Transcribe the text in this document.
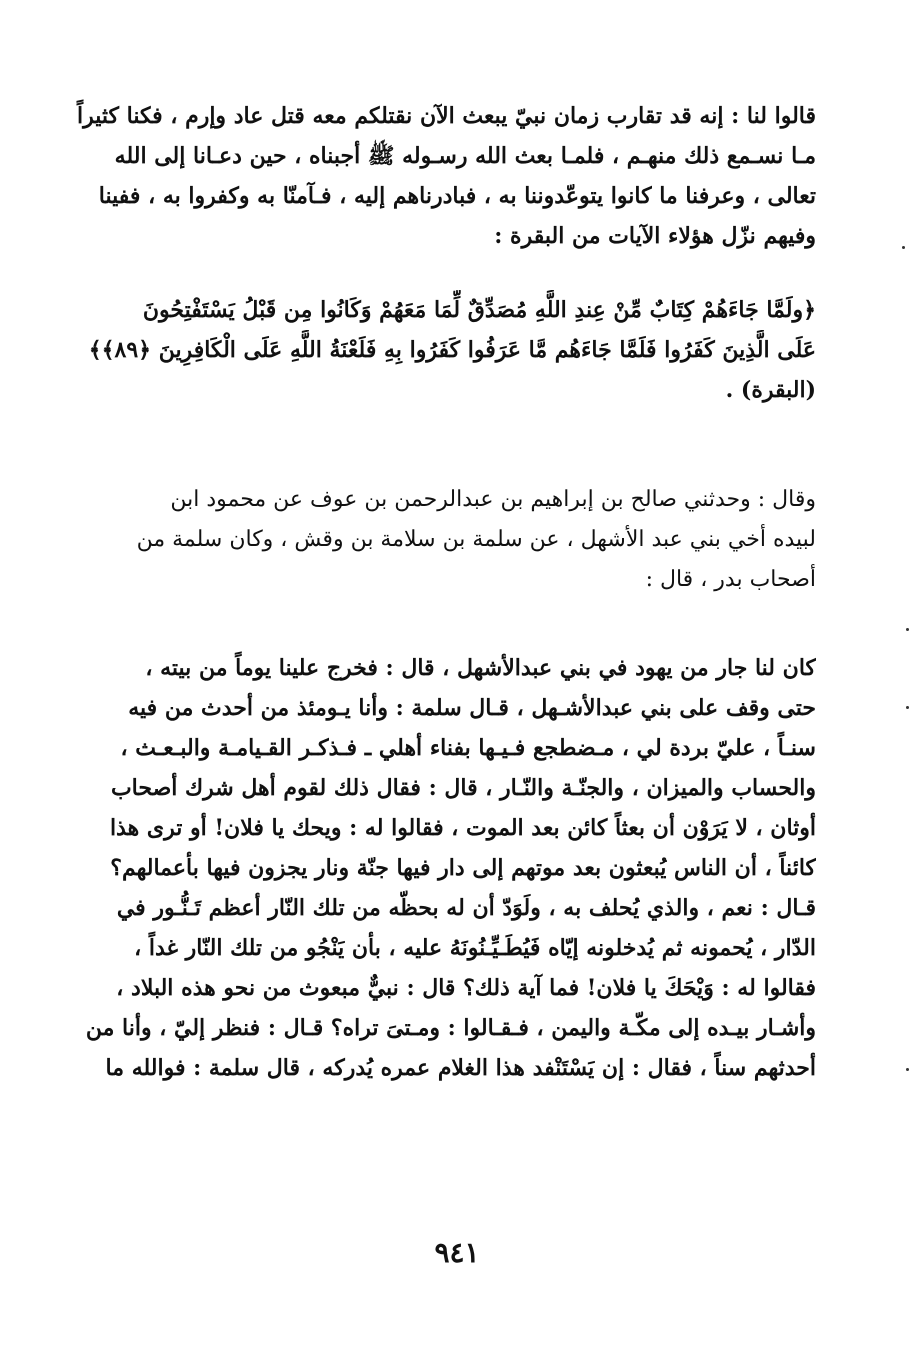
قالوا لنا : إنه قد تقارب زمان نبيّ يبعث الآن نقتلكم معه قتل عاد وإرم ، فكنا كثيراً
مـا نسـمع ذلك منهـم ، فلمـا بعث الله رسـوله ﷺ أجبناه ، حين دعـانا إلى الله
تعالى ، وعرفنا ما كانوا يتوعّدوننا به ، فبادرناهم إليه ، فـآمنّا به وكفروا به ، ففينا
وفيهم نزّل هؤلاء الآيات من البقرة :
﴿ولَمَّا جَاءَهُمْ كِتَابٌ مِّنْ عِندِ اللَّهِ مُصَدِّقٌ لِّمَا مَعَهُمْ وَكَانُوا مِن قَبْلُ يَسْتَفْتِحُونَ
عَلَى الَّذِينَ كَفَرُوا فَلَمَّا جَاءَهُم مَّا عَرَفُوا كَفَرُوا بِهِ فَلَعْنَةُ اللَّهِ عَلَى الْكَافِرِينَ ﴿٨٩﴾﴾
(البقرة) .
وقال : وحدثني صالح بن إبراهيم بن عبدالرحمن بن عوف عن محمود ابن
لبيده أخي بني عبد الأشهل ، عن سلمة بن سلامة بن وقش ، وكان سلمة من
أصحاب بدر ، قال :
كان لنا جار من يهود في بني عبدالأشهل ، قال : فخرج علينا يوماً من بيته ،
حتى وقف على بني عبدالأشـهل ، قـال سلمة : وأنا يـومئذ من أحدث من فيه
سنـاً ، عليّ بردة لي ، مـضطجع فـيـها بفناء أهلي ـ فـذكـر القـيامـة والبـعـث ،
والحساب والميزان ، والجنّـة والنّـار ، قال : فقال ذلك لقوم أهل شرك أصحاب
أوثان ، لا يَرَوْن أن بعثاً كائن بعد الموت ، فقالوا له : ويحك يا فلان! أو ترى هذا
كائناً ، أن الناس يُبعثون بعد موتهم إلى دار فيها جنّة ونار يجزون فيها بأعمالهم؟
قـال : نعم ، والذي يُحلف به ، ولَوَدّ أن له بحظّه من تلك النّار أعظم تَـنُّـور في
الدّار ، يُحمونه ثم يُدخلونه إيّاه فَيُطَـيِّـنُونَهُ عليه ، بأن يَنْجُو من تلك النّار غداً ،
فقالوا له : وَيْحَكَ يا فلان! فما آية ذلك؟ قال : نبيٌّ مبعوث من نحو هذه البلاد ،
وأشـار بيـده إلى مكّـة واليمن ، فـقـالوا : ومـتىَ تراه؟ قـال : فنظر إليّ ، وأنا من
أحدثهم سناً ، فقال : إن يَسْتَنْفد هذا الغلام عمره يُدركه ، قال سلمة : فوالله ما
٩٤١
